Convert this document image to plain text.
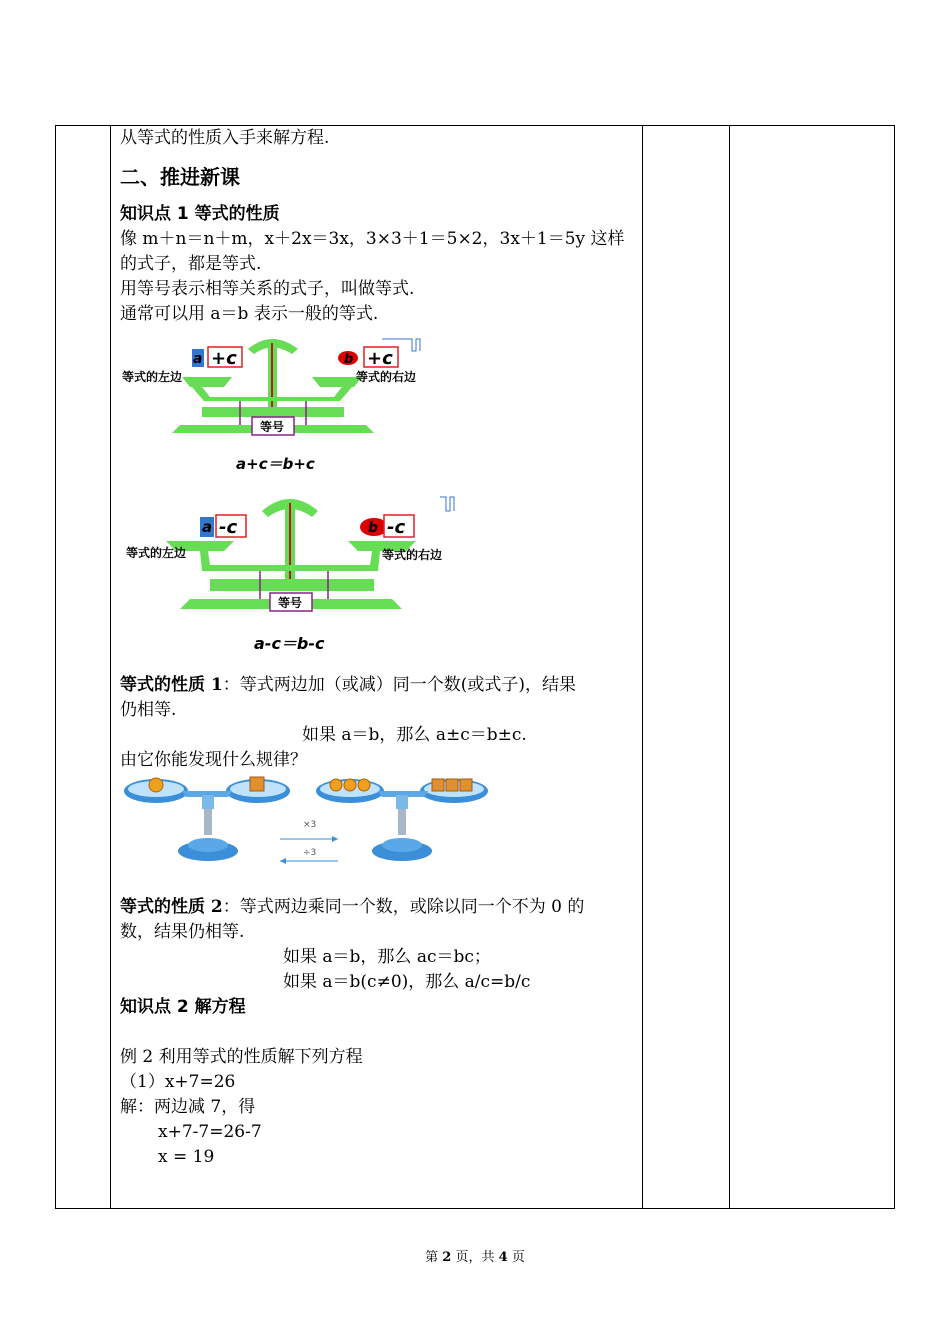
从等式的性质入手来解方程.
二、推进新课
知识点 1 等式的性质
像 m＋n＝n＋m，x＋2x＝3x，3×3＋1＝5×2，3x＋1＝5y 这样
的式子，都是等式.
用等号表示相等关系的式子，叫做等式.
通常可以用 a＝b 表示一般的等式.
a +c	b +c
等式的左边	等式的右边
等号
a+c＝b+c
a -c	b -c
等式的左边	等式的右边
等号
a-c＝b-c
等式的性质 1：等式两边加（或减）同一个数(或式子)，结果
仍相等.
如果 a＝b，那么 a±c＝b±c.
由它你能发现什么规律？
×3
÷3
等式的性质 2：等式两边乘同一个数，或除以同一个不为 0 的
数，结果仍相等.
如果 a＝b，那么 ac＝bc；
如果 a＝b(c≠0)，那么 a/c=b/c
知识点 2 解方程

例 2 利用等式的性质解下列方程
（1）x+7=26
解：两边减 7，得
x+7-7=26-7
x = 19
第 2 页，共 4 页
